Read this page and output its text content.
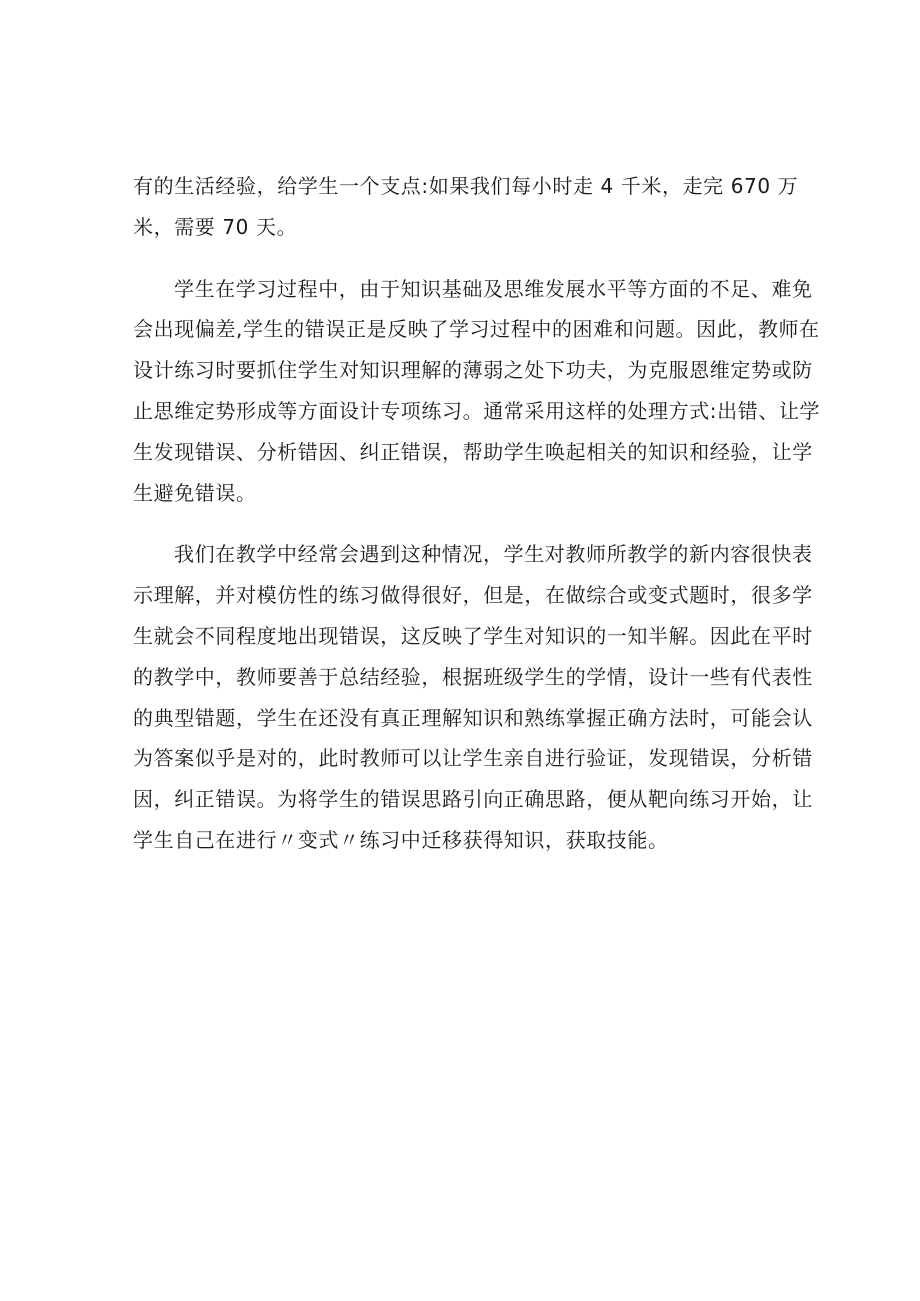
有的生活经验，给学生一个支点:如果我们每小时走 4 千米，走完 670 万
米，需要 70 天。
学生在学习过程中，由于知识基础及思维发展水平等方面的不足、难免
会出现偏差,学生的错误正是反映了学习过程中的困难和问题。因此，教师在
设计练习时要抓住学生对知识理解的薄弱之处下功夫，为克服恩维定势或防
止思维定势形成等方面设计专项练习。通常采用这样的处理方式:出错、让学
生发现错误、分析错因、纠正错误，帮助学生唤起相关的知识和经验，让学
生避免错误。
我们在教学中经常会遇到这种情况，学生对教师所教学的新内容很快表
示理解，并对模仿性的练习做得很好，但是，在做综合或变式题时，很多学
生就会不同程度地出现错误，这反映了学生对知识的一知半解。因此在平时
的教学中，教师要善于总结经验，根据班级学生的学情，设计一些有代表性
的典型错题，学生在还没有真正理解知识和熟练掌握正确方法时，可能会认
为答案似乎是对的，此时教师可以让学生亲自进行验证，发现错误，分析错
因，纠正错误。为将学生的错误思路引向正确思路，便从靶向练习开始，让
学生自己在进行〃变式〃练习中迁移获得知识，获取技能。
